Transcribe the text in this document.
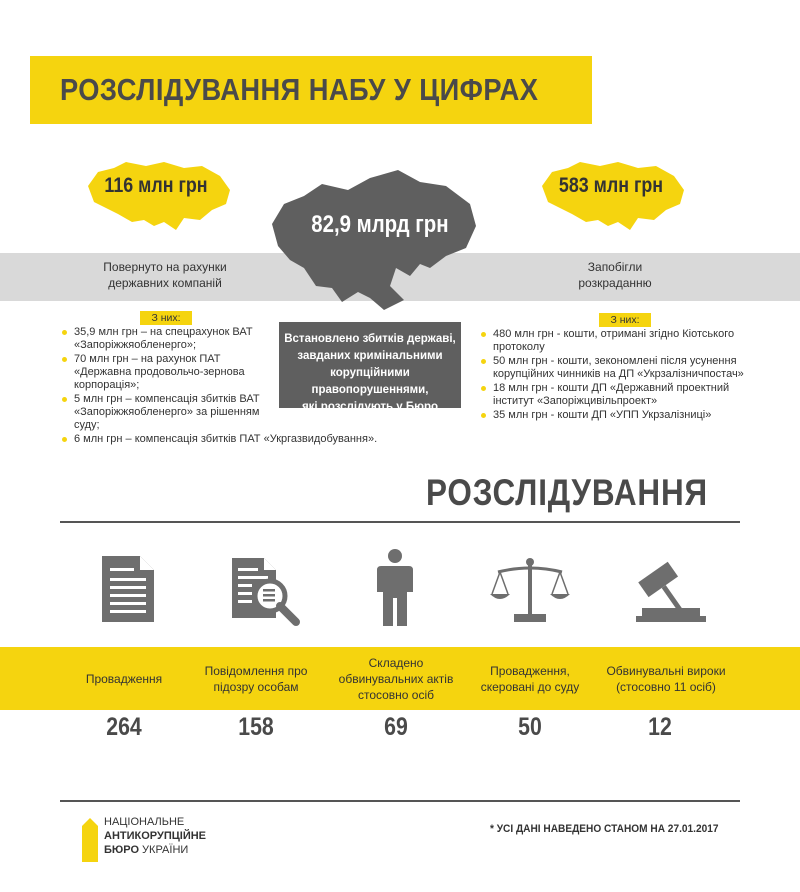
РОЗСЛІДУВАННЯ НАБУ У ЦИФРАХ
116 млн грн
82,9 млрд грн
583 млн грн
Повернуто на рахунки
державних компаній
Запобігли
розкраданню
З них:	З них:
35,9 млн грн – на спецрахунок ВАТ «Запоріжжяобленерго»;
70 млн грн – на рахунок ПАТ «Державна продовольчо-зернова корпорація»;
5 млн грн – компенсація збитків ВАТ «Запоріжжяобленерго» за рішенням суду;
6 млн грн – компенсація збитків ПАТ «Укргазвидобування».
Встановлено збитків державі,
завданих кримінальними
корупційними правопорушеннями,
які розслідують у Бюро
480 млн грн - кошти, отримані згідно Кіотського протоколу
50 млн грн - кошти, зекономлені після усунення корупційних чинників на ДП «Укрзалізничпостач»
18 млн грн - кошти ДП «Державний проектний інститут «Запоріжцивільпроект»
35 млн грн - кошти ДП «УПП Укрзалізниці»
РОЗСЛІДУВАННЯ
Провадження
Повідомлення про
підозру особам
Складено
обвинувальних актів
стосовно осіб
Провадження,
скеровані до суду
Обвинувальні вироки
(стосовно 11 осіб)
264	158	69	50	12
НАЦІОНАЛЬНЕ
АНТИКОРУПЦІЙНЕ
БЮРО УКРАЇНИ
* УСІ ДАНІ НАВЕДЕНО СТАНОМ НА 27.01.2017
